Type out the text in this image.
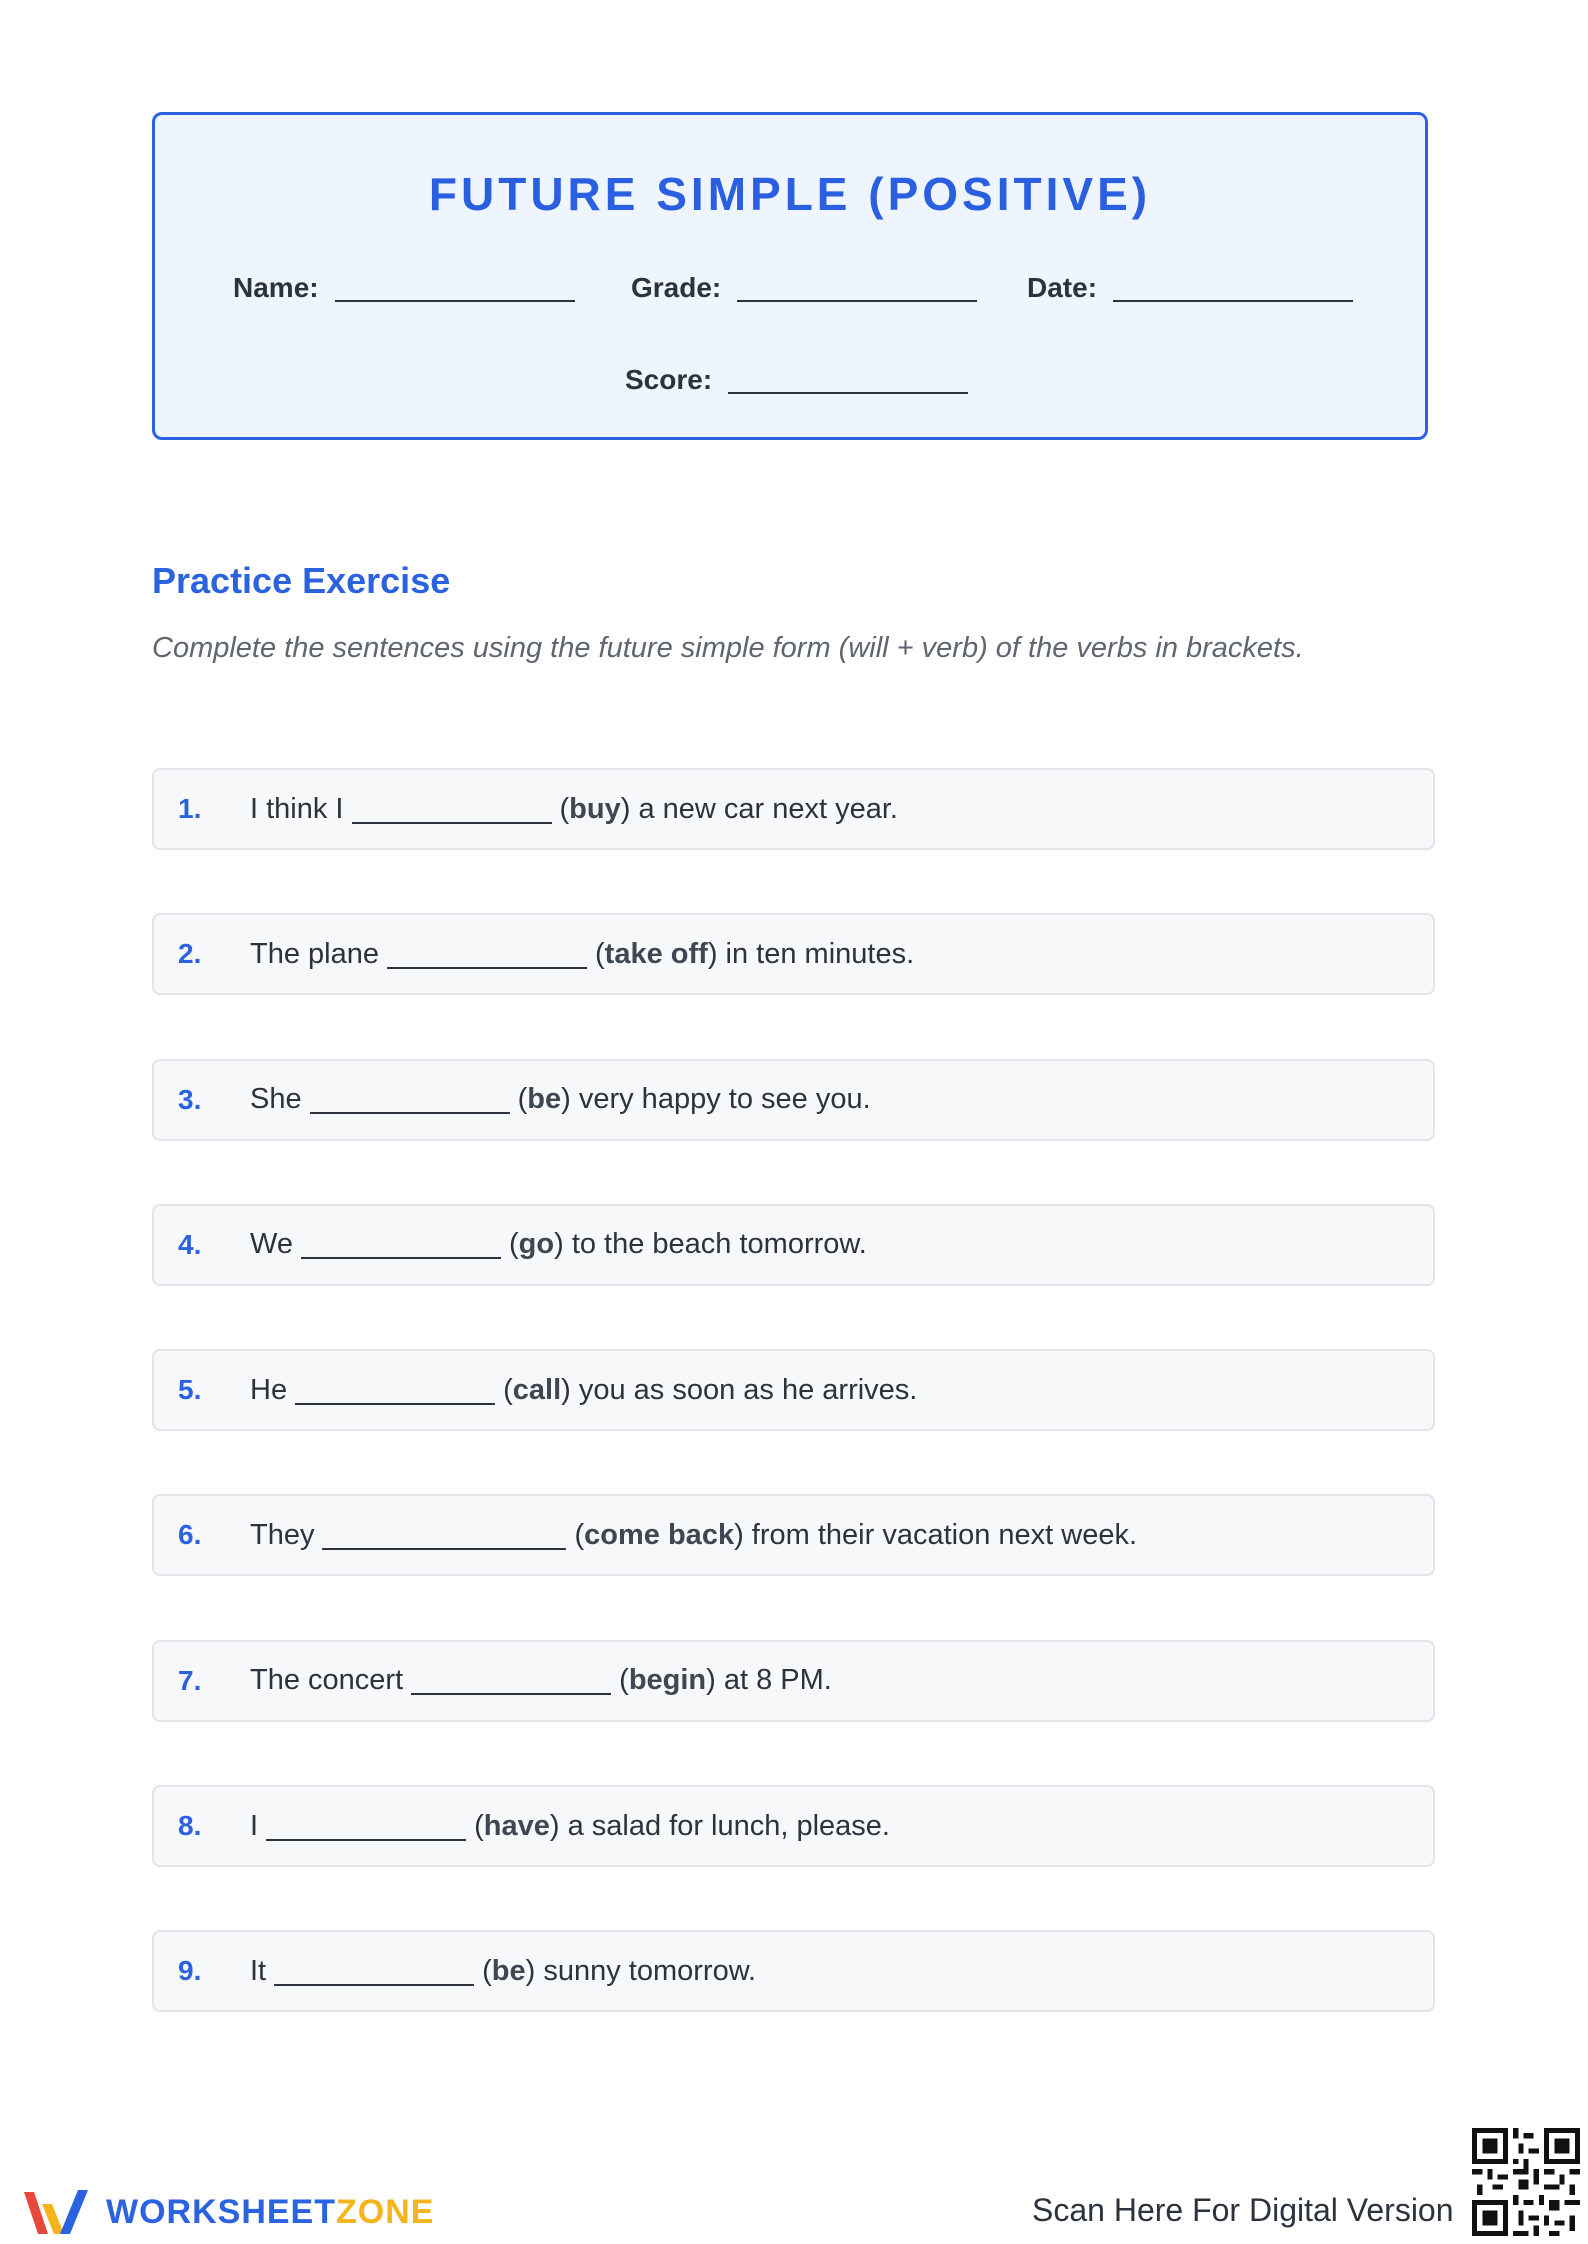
FUTURE SIMPLE (POSITIVE)
Name:	Grade:	Date:
Score:
Practice Exercise
Complete the sentences using the future simple form (will + verb) of the verbs in brackets.
1. I think I	(buy) a new car next year.
2. The plane	(take off) in ten minutes.
3. She	(be) very happy to see you.
4. We	(go) to the beach tomorrow.
5. He	(call) you as soon as he arrives.
6. They	(come back) from their vacation next week.
7. The concert	(begin) at 8 PM.
8. I	(have) a salad for lunch, please.
9. It	(be) sunny tomorrow.
WORKSHEETZONE	Scan Here For Digital Version
